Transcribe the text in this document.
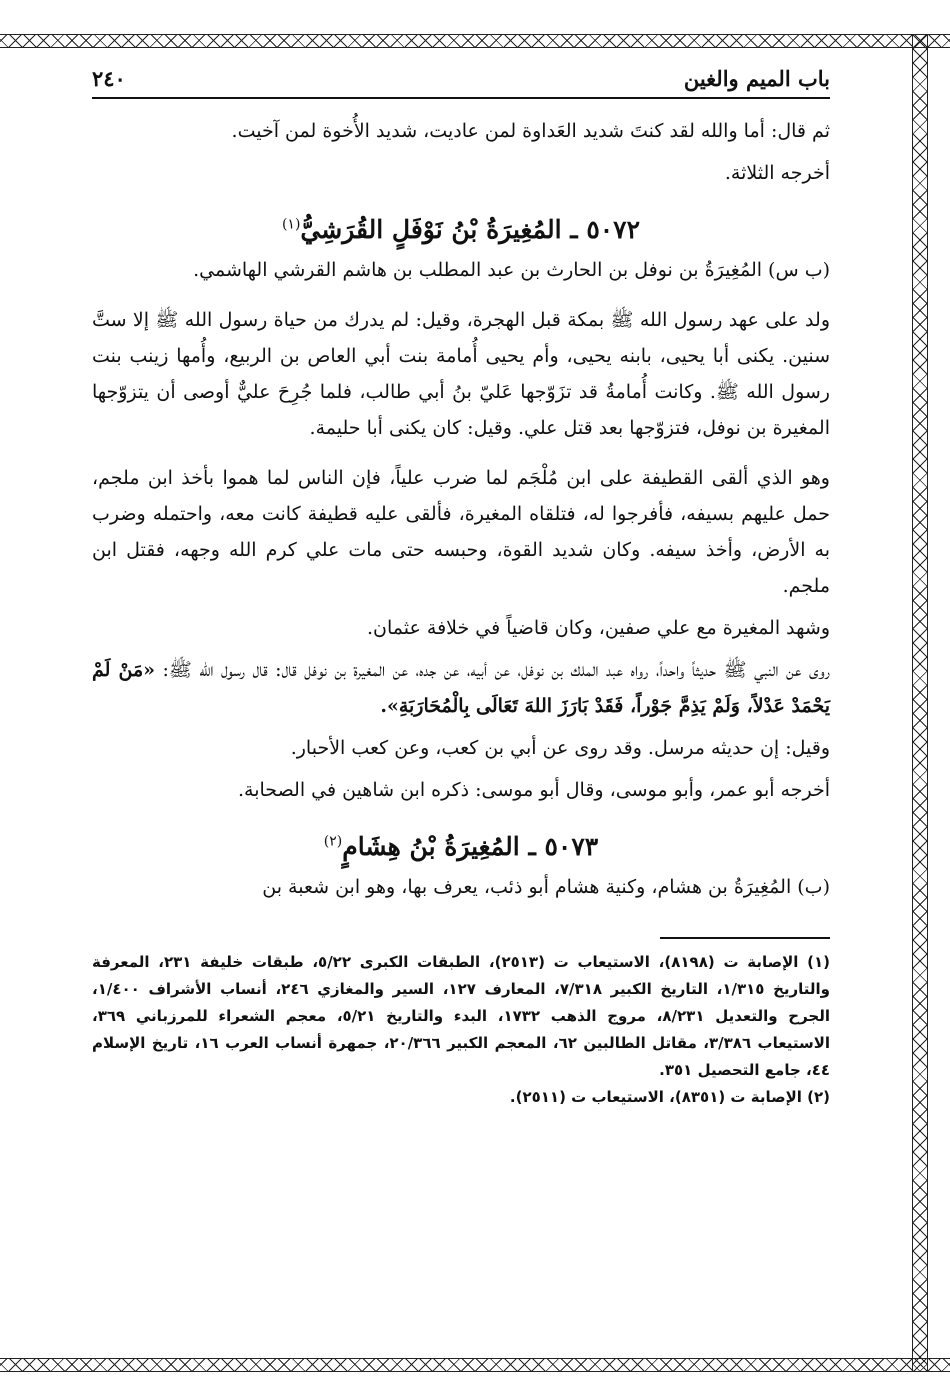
باب الميم والغين
٢٤٠

ثم قال: أما والله لقد كنتَ شديد العَداوة لمن عاديت، شديد الأُخوة لمن آخيت.

أخرجه الثلاثة.

٥٠٧٢ ـ المُغِيرَةُ بْنُ نَوْفَلٍ القُرَشِيُّ$^{(١)}$

(ب س) المُغِيرَةُ بن نوفل بن الحارث بن عبد المطلب بن هاشم القرشي الهاشمي.

ولد على عهد رسول الله ﷺ بمكة قبل الهجرة، وقيل: لم يدرك من حياة رسول الله ﷺ إلا ستَّ سنين. يكنى أبا يحيى، بابنه يحيى، وأم يحيى أُمامة بنت أبي العاص بن الربيع، وأُمها زينب بنت رسول الله ﷺ. وكانت أُمامةُ قد تزَوّجها عَليّ بنُ أبي طالب، فلما جُرِحَ عليٌّ أوصى أن يتزوّجها المغيرة بن نوفل، فتزوّجها بعد قتل علي. وقيل: كان يكنى أبا حليمة.

وهو الذي ألقى القطيفة على ابن مُلْجَم لما ضرب علياً، فإن الناس لما هموا بأخذ ابن ملجم، حمل عليهم بسيفه، فأفرجوا له، فتلقاه المغيرة، فألقى عليه قطيفة كانت معه، واحتمله وضرب به الأرض، وأخذ سيفه. وكان شديد القوة، وحبسه حتى مات علي كرم الله وجهه، فقتل ابن ملجم.

وشهد المغيرة مع علي صفين، وكان قاضياً في خلافة عثمان.

روى عن النبي ﷺ حديثاً واحداً، رواه عبد الملك بن نوفل، عن أبيه، عن جده، عن المغيرة بن نوفل قال: قال رسول الله ﷺ: «مَنْ لَمْ يَحْمَدْ عَدْلاً، وَلَمْ يَذِمَّ جَوْراً، فَقَدْ بَارَزَ اللهَ تَعَالَى بِالْمُحَارَبَةِ».

وقيل: إن حديثه مرسل. وقد روى عن أبي بن كعب، وعن كعب الأحبار.

أخرجه أبو عمر، وأبو موسى، وقال أبو موسى: ذكره ابن شاهين في الصحابة.

٥٠٧٣ ـ المُغِيرَةُ بْنُ هِشَامٍ$^{(٢)}$

(ب) المُغِيرَةُ بن هشام، وكنية هشام أبو ذئب، يعرف بها، وهو ابن شعبة بن

(١) الإصابة ت (٨١٩٨)، الاستيعاب ت (٢٥١٣)، الطبقات الكبرى ٥/٢٢، طبقات خليفة ٢٣١، المعرفة والتاريخ ١/٣١٥، التاريخ الكبير ٧/٣١٨، المعارف ١٢٧، السير والمغازي ٢٤٦، أنساب الأشراف ١/٤٠٠، الجرح والتعديل ٨/٢٣١، مروج الذهب ١٧٣٢، البدء والتاريخ ٥/٢١، معجم الشعراء للمرزباني ٣٦٩، الاستيعاب ٣/٣٨٦، مقاتل الطالبين ٦٢، المعجم الكبير ٢٠/٣٦٦، جمهرة أنساب العرب ١٦، تاريخ الإسلام ٤٤، جامع التحصيل ٣٥١.

(٢) الإصابة ت (٨٣٥١)، الاستيعاب ت (٢٥١١).
